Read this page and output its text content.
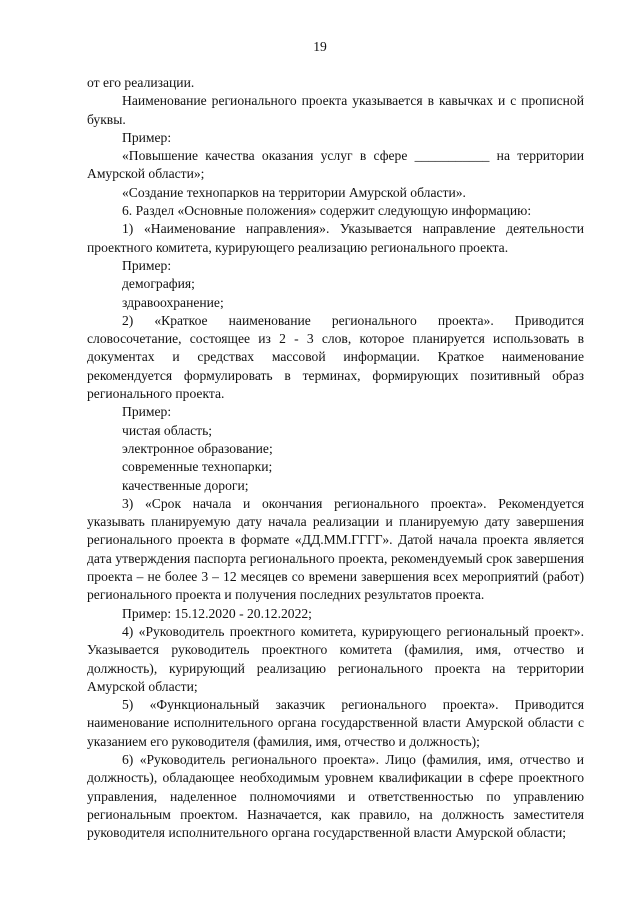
19

от его реализации.

Наименование регионального проекта указывается в кавычках и с прописной буквы.

Пример:

«Повышение качества оказания услуг в сфере ___________ на территории Амурской области»;

«Создание технопарков на территории Амурской области».

6. Раздел «Основные положения» содержит следующую информацию:

1) «Наименование направления». Указывается направление деятельности проектного комитета, курирующего реализацию регионального проекта.

Пример:

демография;

здравоохранение;

2) «Краткое наименование регионального проекта». Приводится словосочетание, состоящее из 2 - 3 слов, которое планируется использовать в документах и средствах массовой информации. Краткое наименование рекомендуется формулировать в терминах, формирующих позитивный образ регионального проекта.

Пример:

чистая область;

электронное образование;

современные технопарки;

качественные дороги;

3) «Срок начала и окончания регионального проекта». Рекомендуется указывать планируемую дату начала реализации и планируемую дату завершения регионального проекта в формате «ДД.ММ.ГГГГ». Датой начала проекта является дата утверждения паспорта регионального проекта, рекомендуемый срок завершения проекта – не более 3 – 12 месяцев со времени завершения всех мероприятий (работ) регионального проекта и получения последних результатов проекта.

Пример: 15.12.2020 - 20.12.2022;

4) «Руководитель проектного комитета, курирующего региональный проект». Указывается руководитель проектного комитета (фамилия, имя, отчество и должность), курирующий реализацию регионального проекта на территории Амурской области;

5) «Функциональный заказчик регионального проекта». Приводится наименование исполнительного органа государственной власти Амурской области с указанием его руководителя (фамилия, имя, отчество и должность);

6) «Руководитель регионального проекта». Лицо (фамилия, имя, отчество и должность), обладающее необходимым уровнем квалификации в сфере проектного управления, наделенное полномочиями и ответственностью по управлению региональным проектом. Назначается, как правило, на должность заместителя руководителя исполнительного органа государственной власти Амурской области;
